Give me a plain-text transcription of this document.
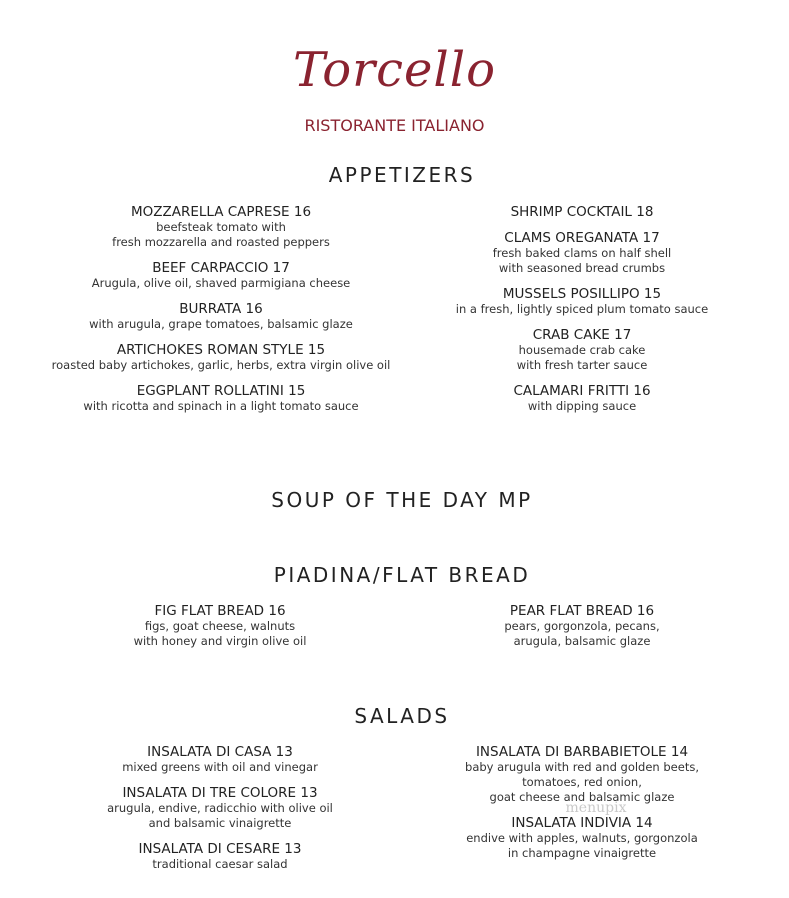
Torcello
RISTORANTE ITALIANO
APPETIZERS
MOZZARELLA CAPRESE 16
beefsteak tomato with
fresh mozzarella and roasted peppers
BEEF CARPACCIO 17
Arugula, olive oil, shaved parmigiana cheese
BURRATA 16
with arugula, grape tomatoes, balsamic glaze
ARTICHOKES ROMAN STYLE 15
roasted baby artichokes, garlic, herbs, extra virgin olive oil
EGGPLANT ROLLATINI 15
with ricotta and spinach in a light tomato sauce
SHRIMP COCKTAIL 18
CLAMS OREGANATA 17
fresh baked clams on half shell
with seasoned bread crumbs
MUSSELS POSILLIPO 15
in a fresh, lightly spiced plum tomato sauce
CRAB CAKE 17
housemade crab cake
with fresh tarter sauce
CALAMARI FRITTI 16
with dipping sauce
SOUP OF THE DAY MP
PIADINA/FLAT BREAD
FIG FLAT BREAD 16
figs, goat cheese, walnuts
with honey and virgin olive oil
PEAR FLAT BREAD 16
pears, gorgonzola, pecans,
arugula, balsamic glaze
SALADS
INSALATA DI CASA 13
mixed greens with oil and vinegar
INSALATA DI TRE COLORE 13
arugula, endive, radicchio with olive oil
and balsamic vinaigrette
INSALATA DI CESARE 13
traditional caesar salad
INSALATA DI BARBABIETOLE 14
baby arugula with red and golden beets,
tomatoes, red onion,
goat cheese and balsamic glaze
INSALATA INDIVIA 14
endive with apples, walnuts, gorgonzola
in champagne vinaigrette
menupix
